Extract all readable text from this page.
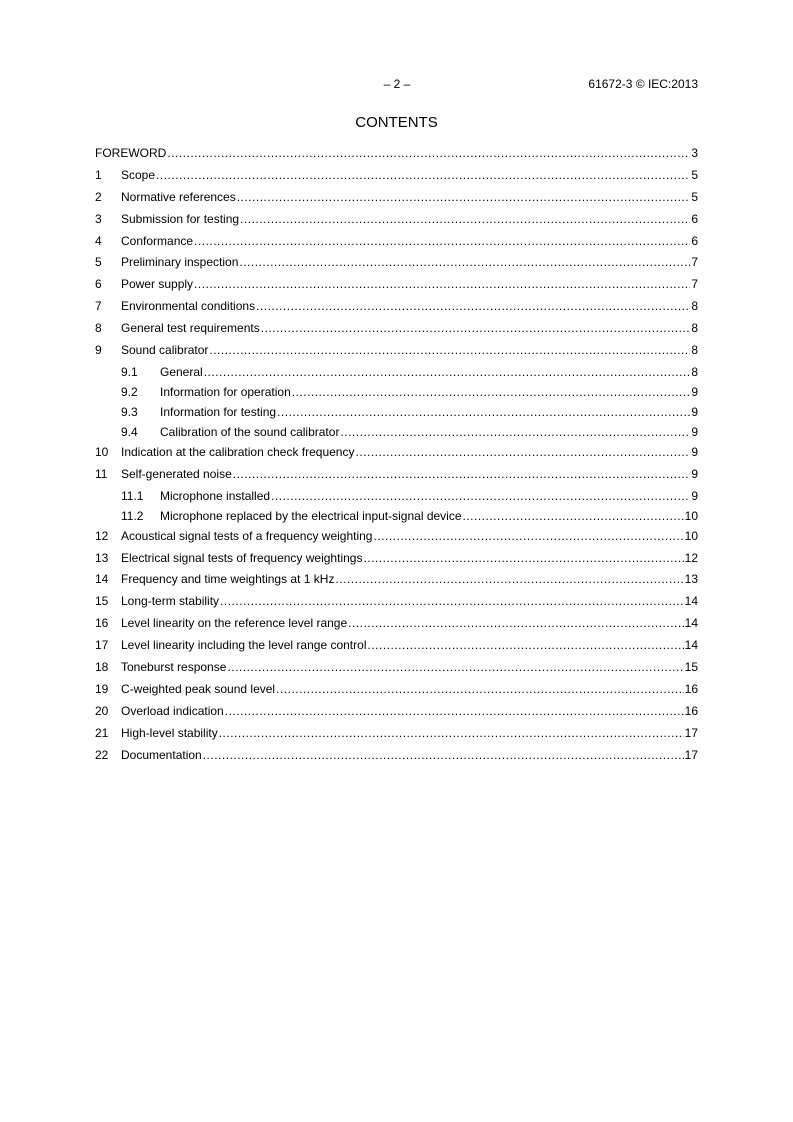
– 2 –	61672-3 © IEC:2013
CONTENTS
FOREWORD .....	3
1	Scope .....	5
2	Normative references .....	5
3	Submission for testing .....	6
4	Conformance .....	6
5	Preliminary inspection .....	7
6	Power supply .....	7
7	Environmental conditions .....	8
8	General test requirements .....	8
9	Sound calibrator .....	8
9.1	General .....	8
9.2	Information for operation .....	9
9.3	Information for testing .....	9
9.4	Calibration of the sound calibrator .....	9
10	Indication at the calibration check frequency .....	9
11	Self-generated noise .....	9
11.1	Microphone installed .....	9
11.2	Microphone replaced by the electrical input-signal device .....	10
12	Acoustical signal tests of a frequency weighting .....	10
13	Electrical signal tests of frequency weightings .....	12
14	Frequency and time weightings at 1 kHz .....	13
15	Long-term stability .....	14
16	Level linearity on the reference level range .....	14
17	Level linearity including the level range control .....	14
18	Toneburst response .....	15
19	C-weighted peak sound level .....	16
20	Overload indication .....	16
21	High-level stability .....	17
22	Documentation .....	17
